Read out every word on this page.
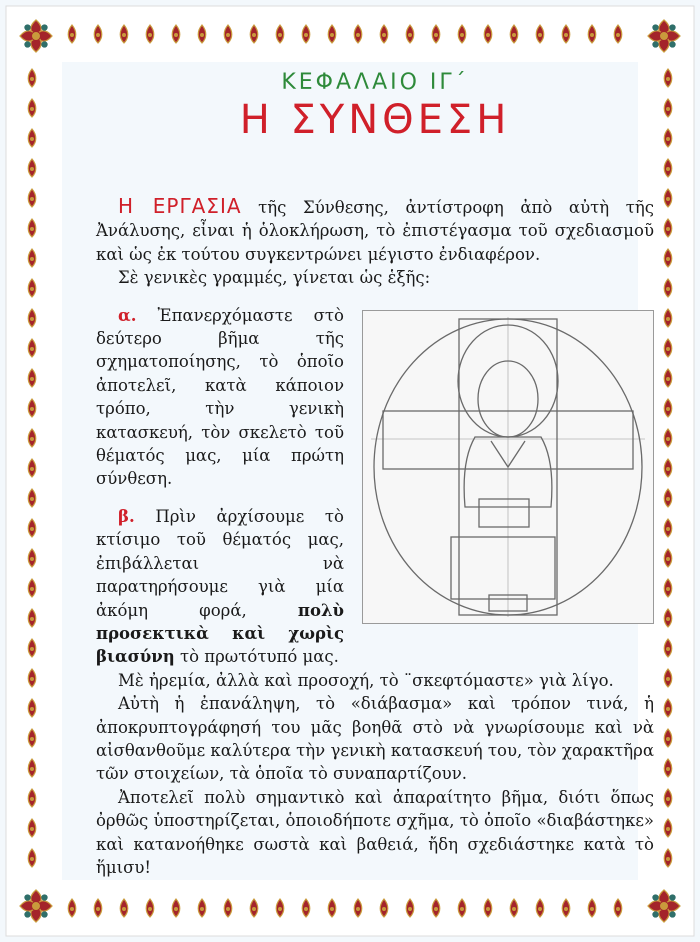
ΚΕΦΑΛΑΙΟ ΙΓ΄
Η ΣΥΝΘΕΣΗ

Η ΕΡΓΑΣΙΑ τῆς Σύνθεσης, ἀντίστροφη ἀπὸ αὐτὴ τῆς Ἀνάλυσης, εἶναι ἡ ὁλοκλήρωση, τὸ ἐπιστέγασμα τοῦ σχεδιασμοῦ καὶ ὡς ἐκ τούτου συγκεντρώνει μέγιστο ἐνδιαφέρον.

Σὲ γενικὲς γραμμές, γίνεται ὡς ἑξῆς:

α. Ἐπανερχόμαστε στὸ δεύτερο βῆμα τῆς σχηματοποίησης, τὸ ὁποῖο ἀποτελεῖ, κατὰ κάποιον τρόπο, τὴν γενικὴ κατασκευή, τὸν σκελετὸ τοῦ θέματός μας, μία πρώτη σύνθεση.

β. Πρὶν ἀρχίσουμε τὸ κτίσιμο τοῦ θέματός μας, ἐπιβάλλεται νὰ παρατηρήσουμε γιὰ μία ἀκόμη φορά, πολὺ προσεκτικὰ καὶ χωρὶς βιασύνη τὸ πρωτότυπό μας.

Μὲ ἠρεμία, ἀλλὰ καὶ προσοχή, τὸ ¨σκεφτόμαστε» γιὰ λίγο.

Αὐτὴ ἡ ἐπανάληψη, τὸ «διάβασμα» καὶ τρόπον τινά, ἡ ἀποκρυπτογράφησή του μᾶς βοηθᾶ στὸ νὰ γνωρίσουμε καὶ νὰ αἰσθανθοῦμε καλύτερα τὴν γενικὴ κατασκευή του, τὸν χαρακτῆρα τῶν στοιχείων, τὰ ὁποῖα τὸ συναπαρτίζουν.

Ἀποτελεῖ πολὺ σημαντικὸ καὶ ἀπαραίτητο βῆμα, διότι ὅπως ὀρθῶς ὑποστηρίζεται, ὁποιοδήποτε σχῆμα, τὸ ὁποῖο «διαβάστηκε» καὶ κατανοήθηκε σωστὰ καὶ βαθειά, ἤδη σχεδιάστηκε κατὰ τὸ ἥμισυ!
